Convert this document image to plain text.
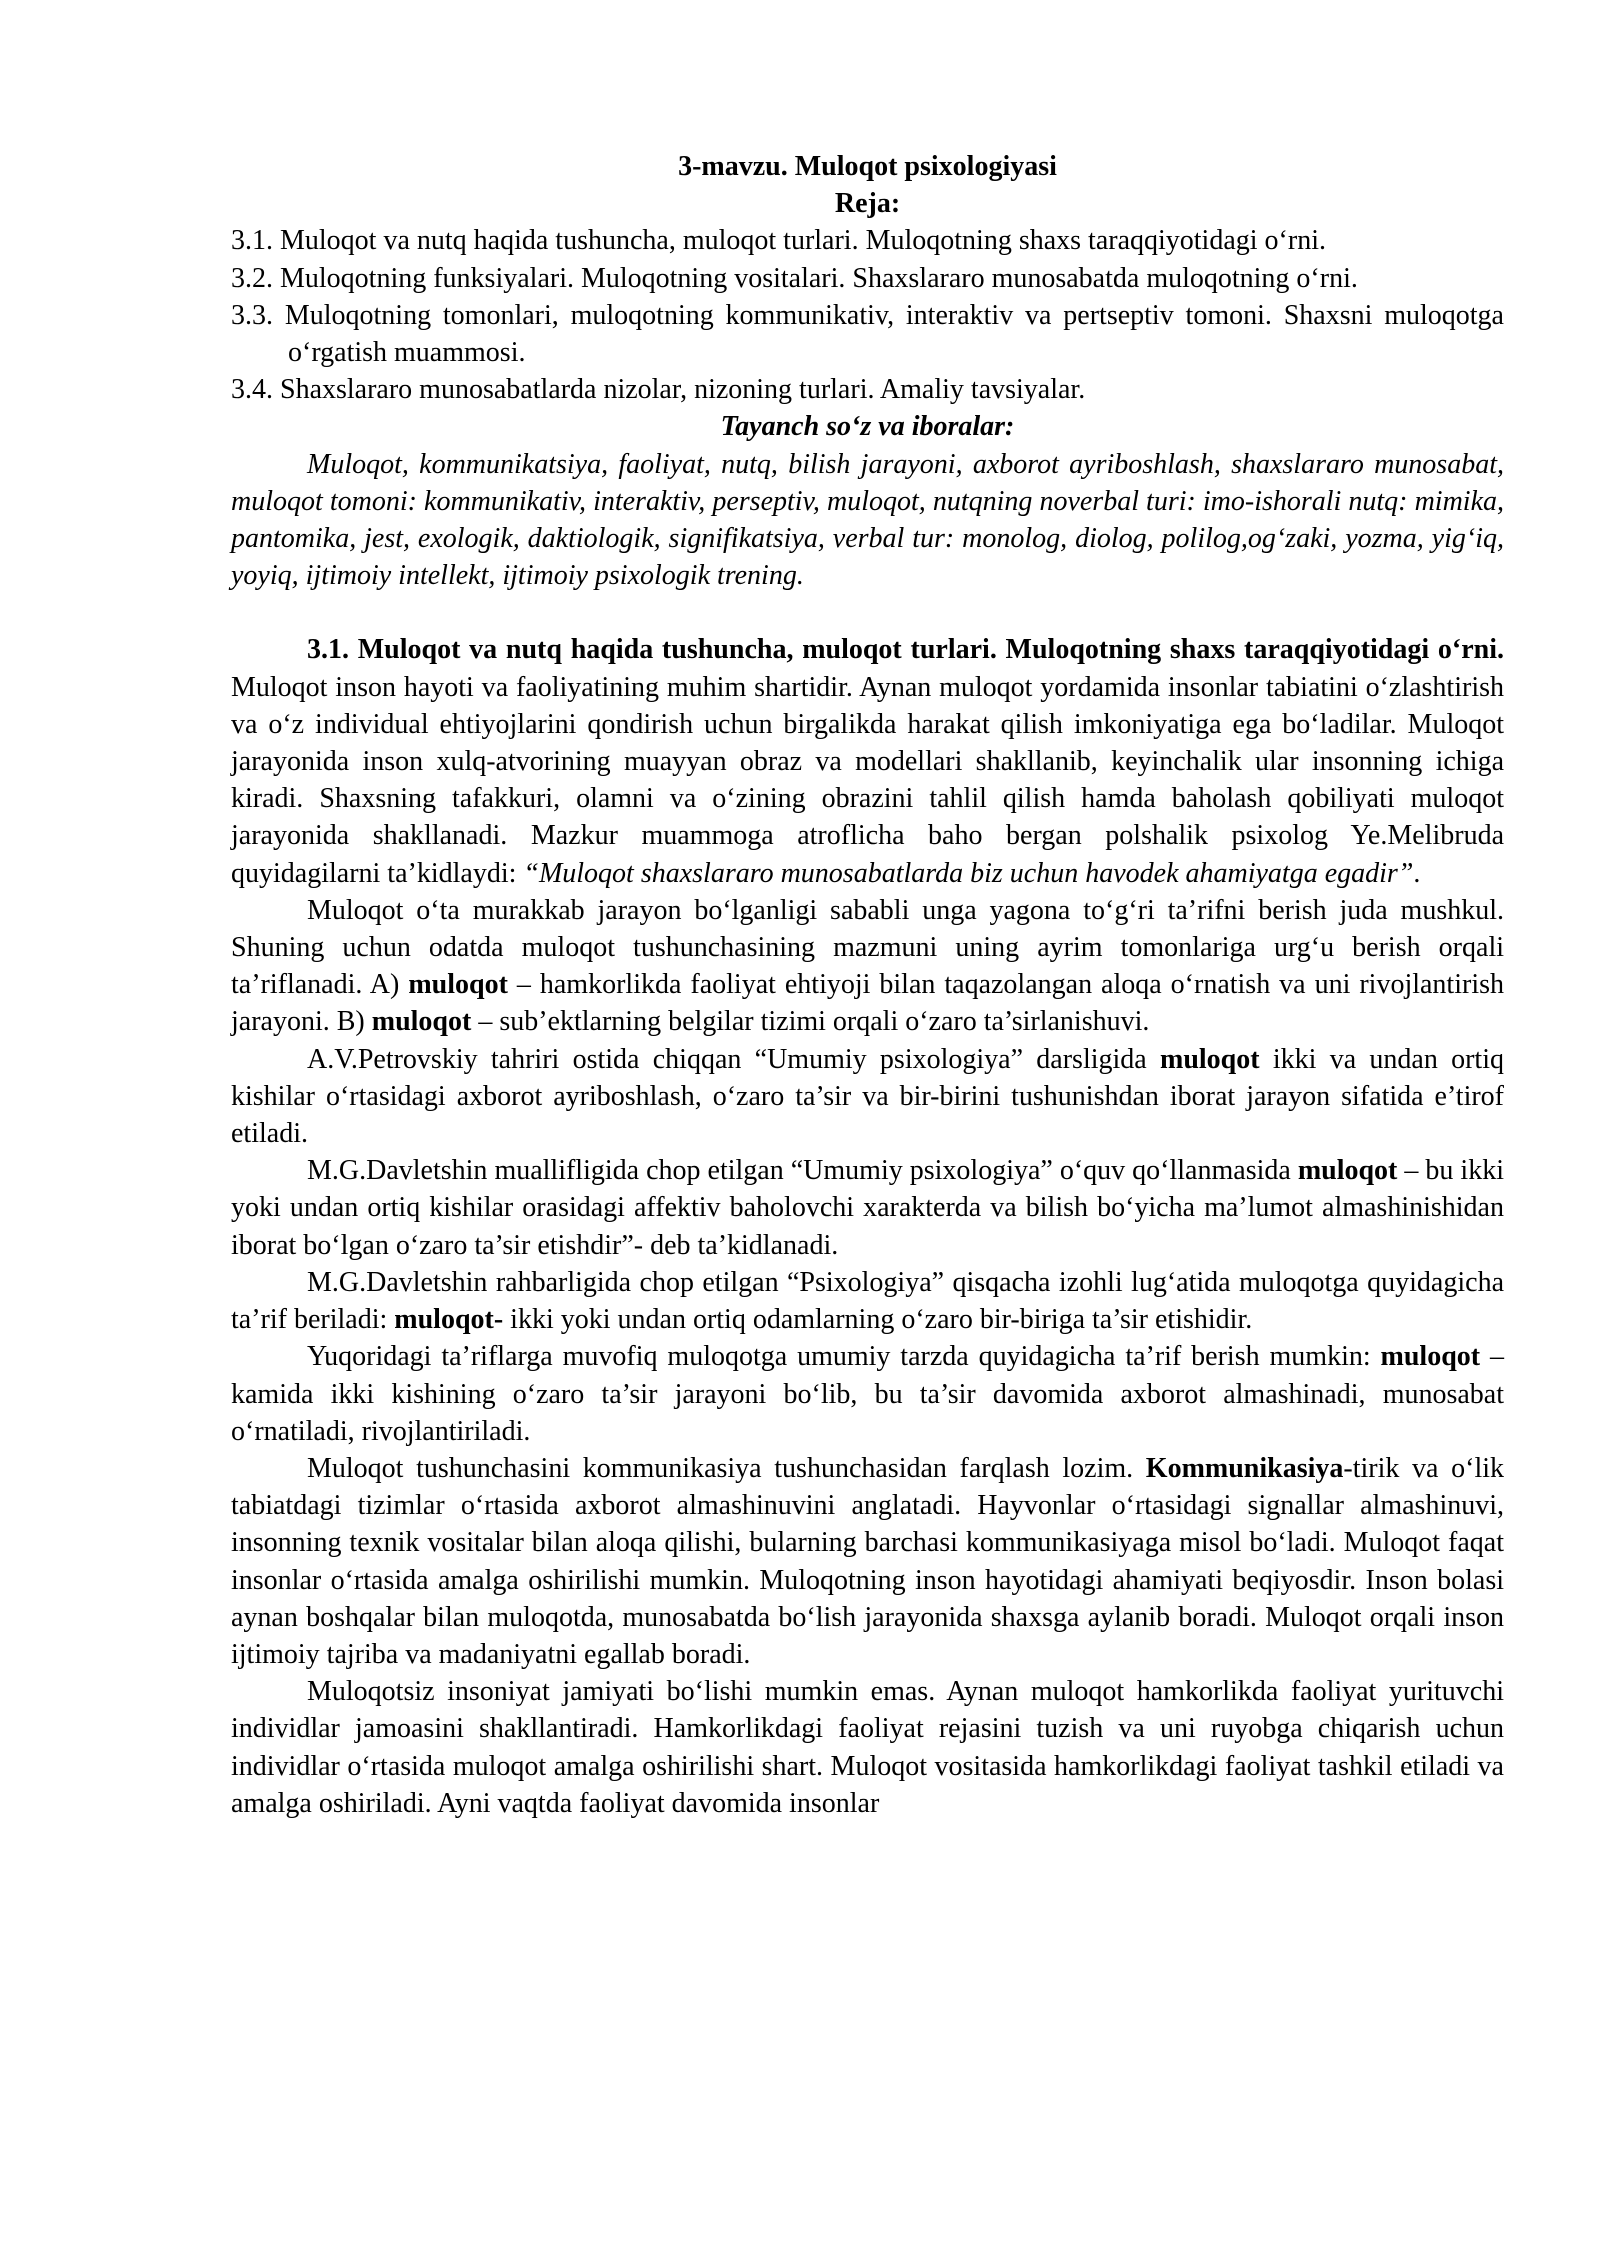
3-mavzu. Muloqot psixologiyasi
Reja:
3.1. Muloqot va nutq haqida tushuncha, muloqot turlari. Muloqotning shaxs taraqqiyotidagi o‘rni.
3.2. Muloqotning funksiyalari. Muloqotning vositalari. Shaxslararo munosabatda muloqotning o‘rni.
3.3. Muloqotning tomonlari, muloqotning kommunikativ, interaktiv va pertseptiv tomoni. Shaxsni muloqotga o‘rgatish muammosi.
3.4. Shaxslararo munosabatlarda nizolar, nizoning turlari. Amaliy tavsiyalar.
Tayanch so‘z va iboralar:

Muloqot, kommunikatsiya, faoliyat, nutq, bilish jarayoni, axborot ayriboshlash, shaxslararo munosabat, muloqot tomoni: kommunikativ, interaktiv, perseptiv, muloqot, nutqning noverbal turi: imo-ishorali nutq: mimika, pantomika, jest, exologik, daktiologik, signifikatsiya, verbal tur: monolog, diolog, polilog,og‘zaki, yozma, yig‘iq, yoyiq, ijtimoiy intellekt, ijtimoiy psixologik trening.

3.1. Muloqot va nutq haqida tushuncha, muloqot turlari. Muloqotning shaxs taraqqiyotidagi o‘rni. Muloqot inson hayoti va faoliyatining muhim shartidir. Aynan muloqot yordamida insonlar tabiatini o‘zlashtirish va o‘z individual ehtiyojlarini qondirish uchun birgalikda harakat qilish imkoniyatiga ega bo‘ladilar. Muloqot jarayonida inson xulq-atvorining muayyan obraz va modellari shakllanib, keyinchalik ular insonning ichiga kiradi. Shaxsning tafakkuri, olamni va o‘zining obrazini tahlil qilish hamda baholash qobiliyati muloqot jarayonida shakllanadi. Mazkur muammoga atroflicha baho bergan polshalik psixolog Ye.Melibruda quyidagilarni ta’kidlaydi: “Muloqot shaxslararo munosabatlarda biz uchun havodek ahamiyatga egadir”.

Muloqot o‘ta murakkab jarayon bo‘lganligi sababli unga yagona to‘g‘ri ta’rifni berish juda mushkul. Shuning uchun odatda muloqot tushunchasining mazmuni uning ayrim tomonlariga urg‘u berish orqali ta’riflanadi. A) muloqot – hamkorlikda faoliyat ehtiyoji bilan taqazolangan aloqa o‘rnatish va uni rivojlantirish jarayoni. B) muloqot – sub’ektlarning belgilar tizimi orqali o‘zaro ta’sirlanishuvi.

A.V.Petrovskiy tahriri ostida chiqqan “Umumiy psixologiya” darsligida muloqot ikki va undan ortiq kishilar o‘rtasidagi axborot ayriboshlash, o‘zaro ta’sir va bir-birini tushunishdan iborat jarayon sifatida e’tirof etiladi.

M.G.Davletshin muallifligida chop etilgan “Umumiy psixologiya” o‘quv qo‘llanmasida muloqot – bu ikki yoki undan ortiq kishilar orasidagi affektiv baholovchi xarakterda va bilish bo‘yicha ma’lumot almashinishidan iborat bo‘lgan o‘zaro ta’sir etishdir”- deb ta’kidlanadi.

M.G.Davletshin rahbarligida chop etilgan “Psixologiya” qisqacha izohli lug‘atida muloqotga quyidagicha ta’rif beriladi: muloqot- ikki yoki undan ortiq odamlarning o‘zaro bir-biriga ta’sir etishidir.

Yuqoridagi ta’riflarga muvofiq muloqotga umumiy tarzda quyidagicha ta’rif berish mumkin: muloqot – kamida ikki kishining o‘zaro ta’sir jarayoni bo‘lib, bu ta’sir davomida axborot almashinadi, munosabat o‘rnatiladi, rivojlantiriladi.

Muloqot tushunchasini kommunikasiya tushunchasidan farqlash lozim. Kommunikasiya-tirik va o‘lik tabiatdagi tizimlar o‘rtasida axborot almashinuvini anglatadi. Hayvonlar o‘rtasidagi signallar almashinuvi, insonning texnik vositalar bilan aloqa qilishi, bularning barchasi kommunikasiyaga misol bo‘ladi. Muloqot faqat insonlar o‘rtasida amalga oshirilishi mumkin. Muloqotning inson hayotidagi ahamiyati beqiyosdir. Inson bolasi aynan boshqalar bilan muloqotda, munosabatda bo‘lish jarayonida shaxsga aylanib boradi. Muloqot orqali inson ijtimoiy tajriba va madaniyatni egallab boradi.

Muloqotsiz insoniyat jamiyati bo‘lishi mumkin emas. Aynan muloqot hamkorlikda faoliyat yurituvchi individlar jamoasini shakllantiradi. Hamkorlikdagi faoliyat rejasini tuzish va uni ruyobga chiqarish uchun individlar o‘rtasida muloqot amalga oshirilishi shart. Muloqot vositasida hamkorlikdagi faoliyat tashkil etiladi va amalga oshiriladi. Ayni vaqtda faoliyat davomida insonlar
